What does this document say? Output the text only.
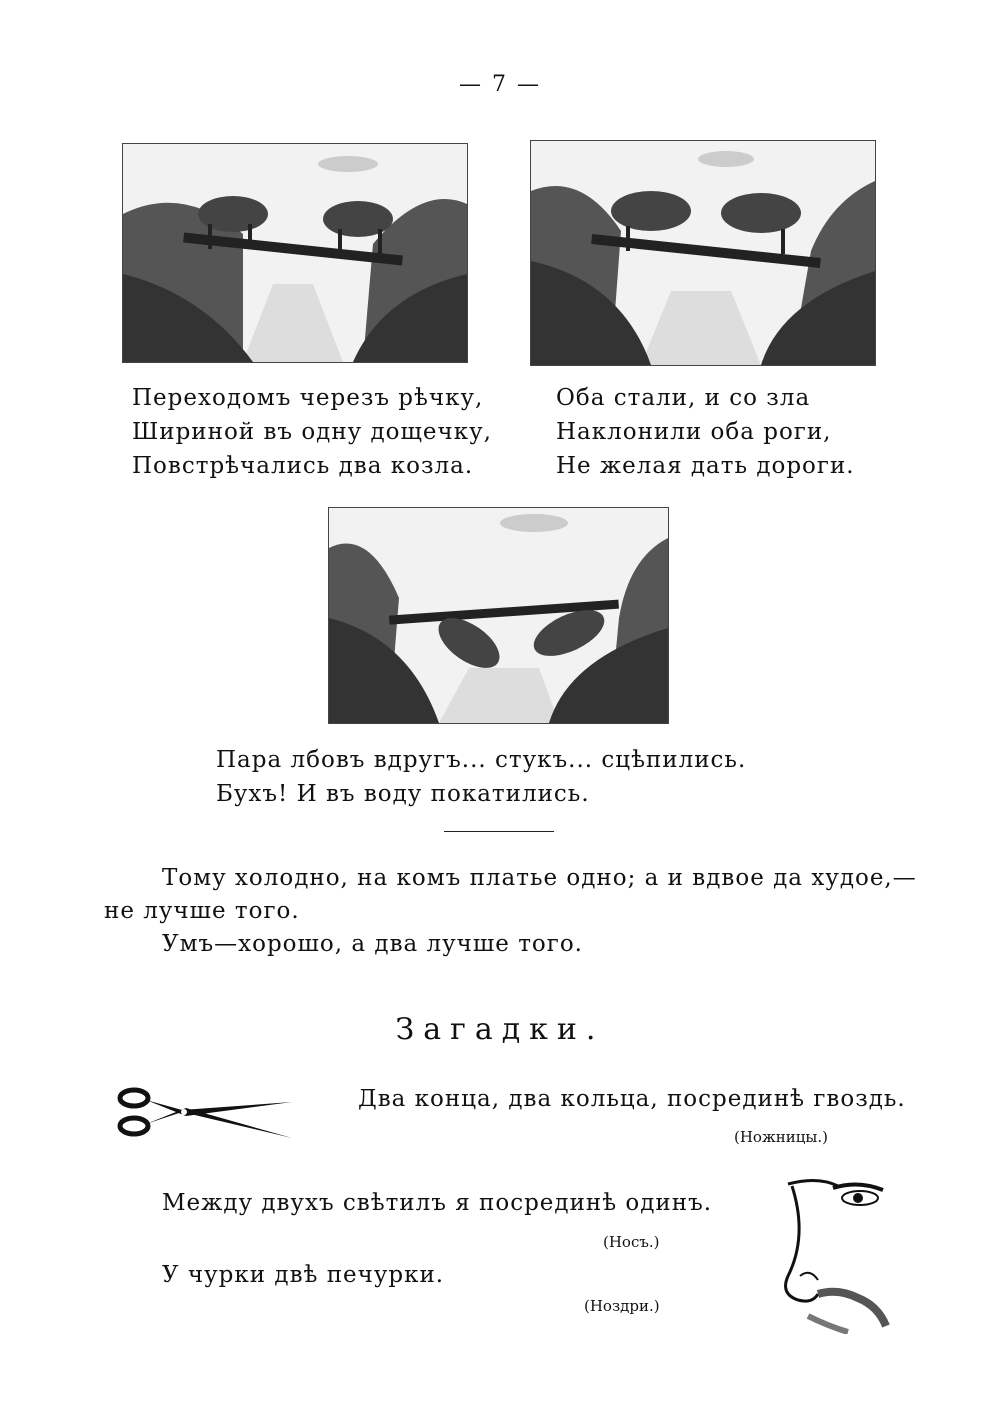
— 7 —
Переходомъ черезъ рѣчку,
Шириной въ одну дощечку,
Повстрѣчались два козла.
Оба стали, и со зла
Наклонили оба роги,
Не желая дать дороги.
Пара лбовъ вдругъ... стукъ... сцѣпились.
Бухъ! И въ воду покатились.
Тому холодно, на комъ платье одно; а и вдвое да худое,—
не лучше того.
Умъ—хорошо, а два лучше того.
Загадки.
Два конца, два кольца, посрединѣ гвоздь.
(Ножницы.)
Между двухъ свѣтилъ я посрединѣ одинъ.
(Носъ.)
У чурки двѣ печурки.
(Ноздри.)
